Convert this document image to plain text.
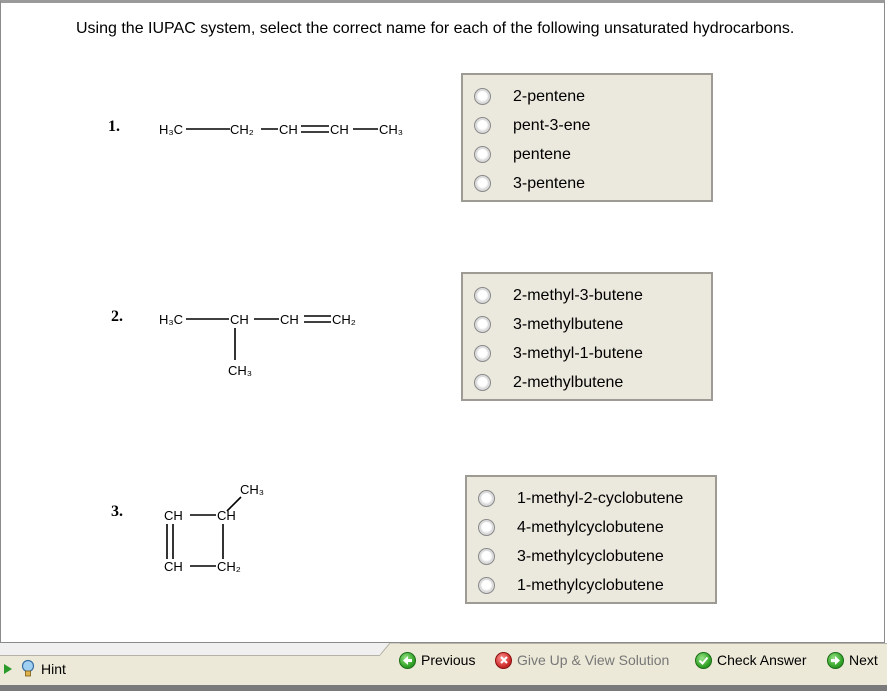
Using the IUPAC system, select the correct name for each of the following unsaturated hydrocarbons.
1.	H₃C	CH₂ CH CH CH₃
2-pentene
pent-3-ene
pentene
3-pentene
2.	H₃C	CH CH	CH₂
CH₃
2-methyl-3-butene
3-methylbutene
3-methyl-1-butene
2-methylbutene
3.
CH₃
CH	CH
CH	CH₂
1-methyl-2-cyclobutene
4-methylcyclobutene
3-methylcyclobutene
1-methylcyclobutene
Hint
Previous	Give Up & View Solution	Check Answer	Next
